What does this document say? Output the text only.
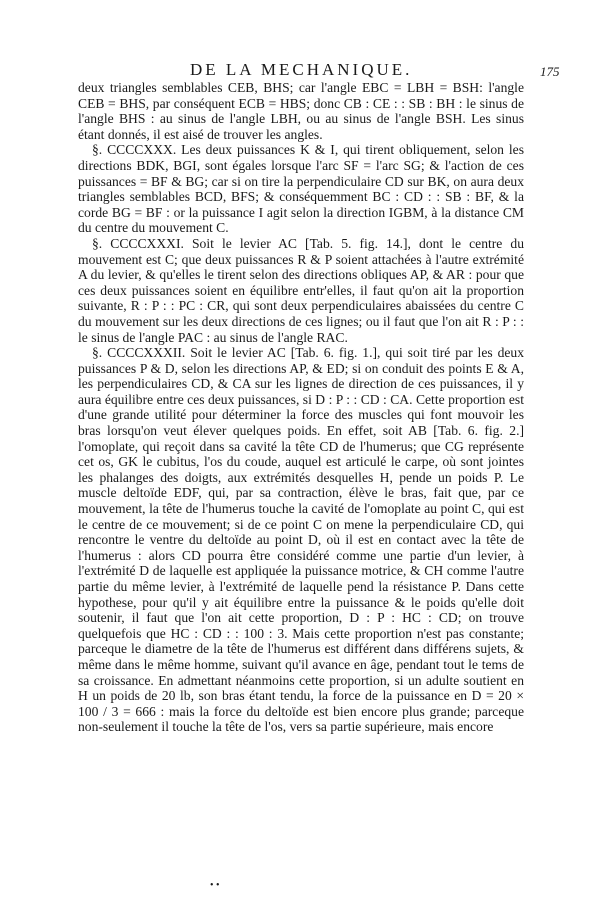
DE LA MECHANIQUE.	175

deux triangles semblables CEB, BHS; car l'angle EBC = LBH = BSH: l'angle CEB = BHS, par conséquent ECB = HBS; donc CB : CE : : SB : BH : le sinus de l'angle BHS : au sinus de l'angle LBH, ou au sinus de l'angle BSH. Les sinus étant donnés, il est aisé de trouver les angles.

§. CCCCXXX. Les deux puissances K & I, qui tirent obliquement, selon les directions BDK, BGI, sont égales lorsque l'arc SF = l'arc SG; & l'action de ces puissances = BF & BG; car si on tire la perpendiculaire CD sur BK, on aura deux triangles semblables BCD, BFS; & conséquemment BC : CD : : SB : BF, & la corde BG = BF : or la puissance I agit selon la direction IGBM, à la distance CM du centre du mouvement C.

§. CCCCXXXI. Soit le levier AC [Tab. 5. fig. 14.], dont le centre du mouvement est C; que deux puissances R & P soient attachées à l'autre extrémité A du levier, & qu'elles le tirent selon des directions obliques AP, & AR : pour que ces deux puissances soient en équilibre entr'elles, il faut qu'on ait la proportion suivante, R : P : : PC : CR, qui sont deux perpendiculaires abaissées du centre C du mouvement sur les deux directions de ces lignes; ou il faut que l'on ait R : P : : le sinus de l'angle PAC : au sinus de l'angle RAC.

§. CCCCXXXII. Soit le levier AC [Tab. 6. fig. 1.], qui soit tiré par les deux puissances P & D, selon les directions AP, & ED; si on conduit des points E & A, les perpendiculaires CD, & CA sur les lignes de direction de ces puissances, il y aura équilibre entre ces deux puissances, si D : P : : CD : CA. Cette proportion est d'une grande utilité pour déterminer la force des muscles qui font mouvoir les bras lorsqu'on veut élever quelques poids. En effet, soit AB [Tab. 6. fig. 2.] l'omoplate, qui reçoit dans sa cavité la tête CD de l'humerus; que CG représente cet os, GK le cubitus, l'os du coude, auquel est articulé le carpe, où sont jointes les phalanges des doigts, aux extrémités desquelles H, pende un poids P. Le muscle deltoïde EDF, qui, par sa contraction, élève le bras, fait que, par ce mouvement, la tête de l'humerus touche la cavité de l'omoplate au point C, qui est le centre de ce mouvement; si de ce point C on mene la perpendiculaire CD, qui rencontre le ventre du deltoïde au point D, où il est en contact avec la tête de l'humerus : alors CD pourra être considéré comme une partie d'un levier, à l'extrémité D de laquelle est appliquée la puissance motrice, & CH comme l'autre partie du même levier, à l'extrémité de laquelle pend la résistance P. Dans cette hypothese, pour qu'il y ait équilibre entre la puissance & le poids qu'elle doit soutenir, il faut que l'on ait cette proportion, D : P : HC : CD; on trouve quelquefois que HC : CD : : 100 : 3. Mais cette proportion n'est pas constante; parceque le diametre de la tête de l'humerus est différent dans différens sujets, & même dans le même homme, suivant qu'il avance en âge, pendant tout le tems de sa croissance. En admettant néanmoins cette proportion, si un adulte soutient en H un poids de 20 lb, son bras étant tendu, la force de la puissance en D = 20 × 100 / 3 = 666 : mais la force du deltoïde est bien encore plus grande; parceque non-seulement il touche la tête de l'os, vers sa partie supérieure, mais encore

• •
